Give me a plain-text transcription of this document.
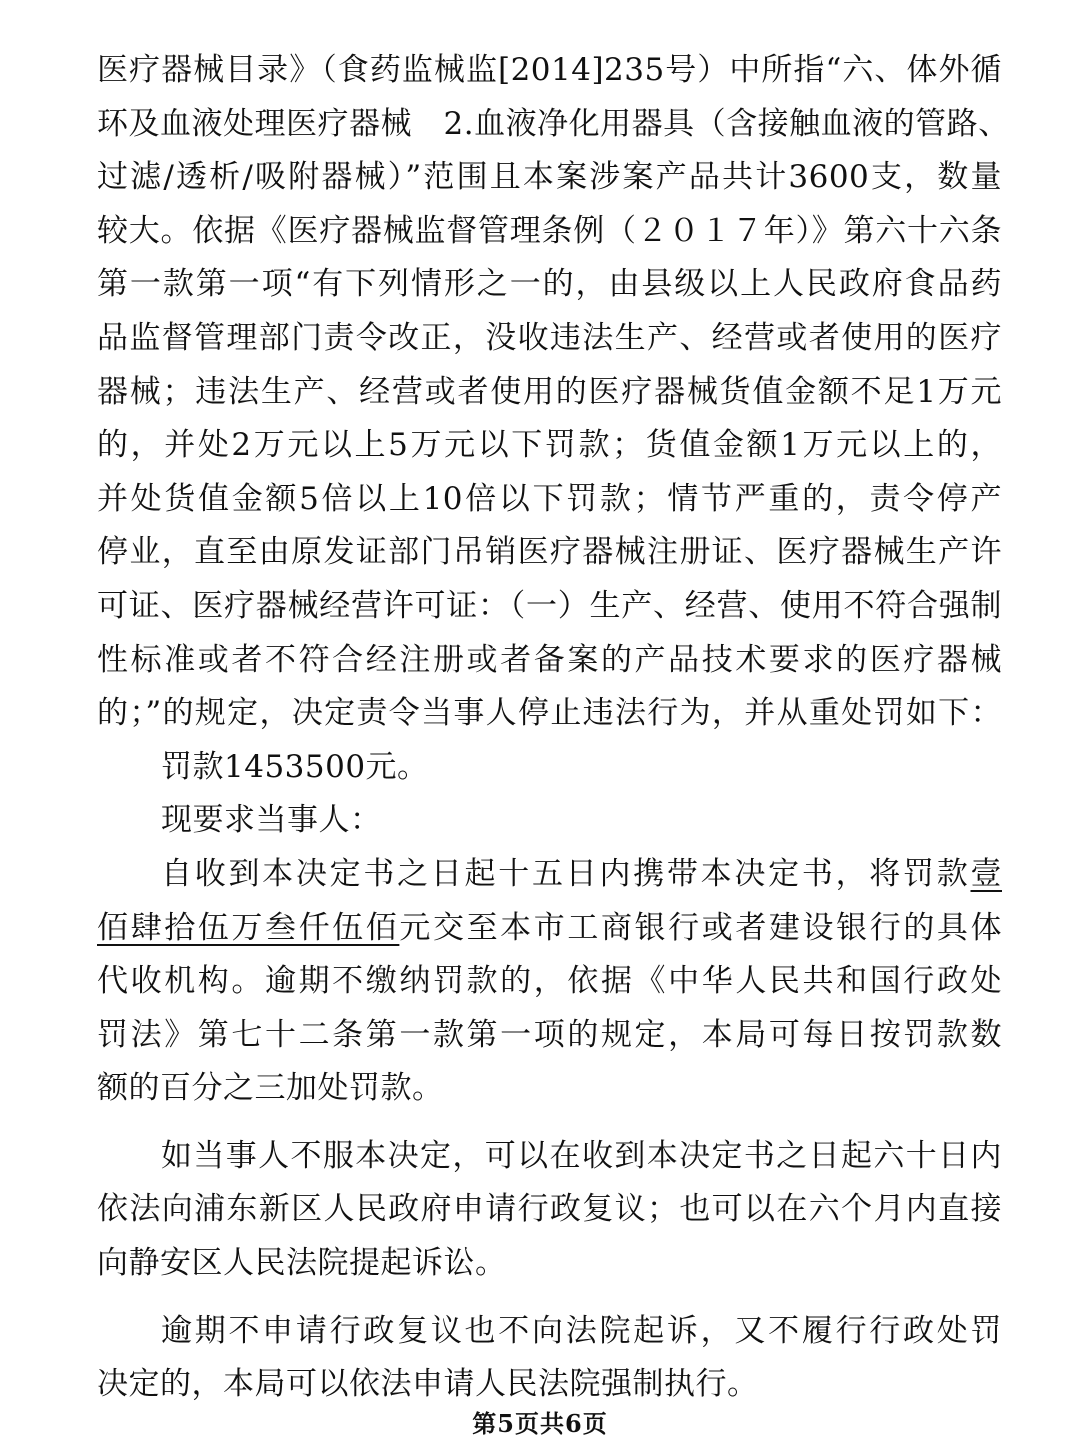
医疗器械目录》（食药监械监[2014]235号）中所指“六、体外循
环及血液处理医疗器械　2.血液净化用器具（含接触血液的管路、
过滤/透析/吸附器械）”范围且本案涉案产品共计3600支，数量
较大。依据《医疗器械监督管理条例（２０１７年）》第六十六条
第一款第一项“有下列情形之一的，由县级以上人民政府食品药
品监督管理部门责令改正，没收违法生产、经营或者使用的医疗
器械；违法生产、经营或者使用的医疗器械货值金额不足1万元
的，并处2万元以上5万元以下罚款；货值金额1万元以上的，
并处货值金额5倍以上10倍以下罚款；情节严重的，责令停产
停业，直至由原发证部门吊销医疗器械注册证、医疗器械生产许
可证、医疗器械经营许可证：（一）生产、经营、使用不符合强制
性标准或者不符合经注册或者备案的产品技术要求的医疗器械
的；”的规定，决定责令当事人停止违法行为，并从重处罚如下：
罚款1453500元。
现要求当事人：
自收到本决定书之日起十五日内携带本决定书，将罚款壹
佰肆拾伍万叁仟伍佰元交至本市工商银行或者建设银行的具体
代收机构。逾期不缴纳罚款的，依据《中华人民共和国行政处
罚法》第七十二条第一款第一项的规定，本局可每日按罚款数
额的百分之三加处罚款。
如当事人不服本决定，可以在收到本决定书之日起六十日内
依法向浦东新区人民政府申请行政复议；也可以在六个月内直接
向静安区人民法院提起诉讼。
逾期不申请行政复议也不向法院起诉，又不履行行政处罚
决定的，本局可以依法申请人民法院强制执行。
第5页共6页
